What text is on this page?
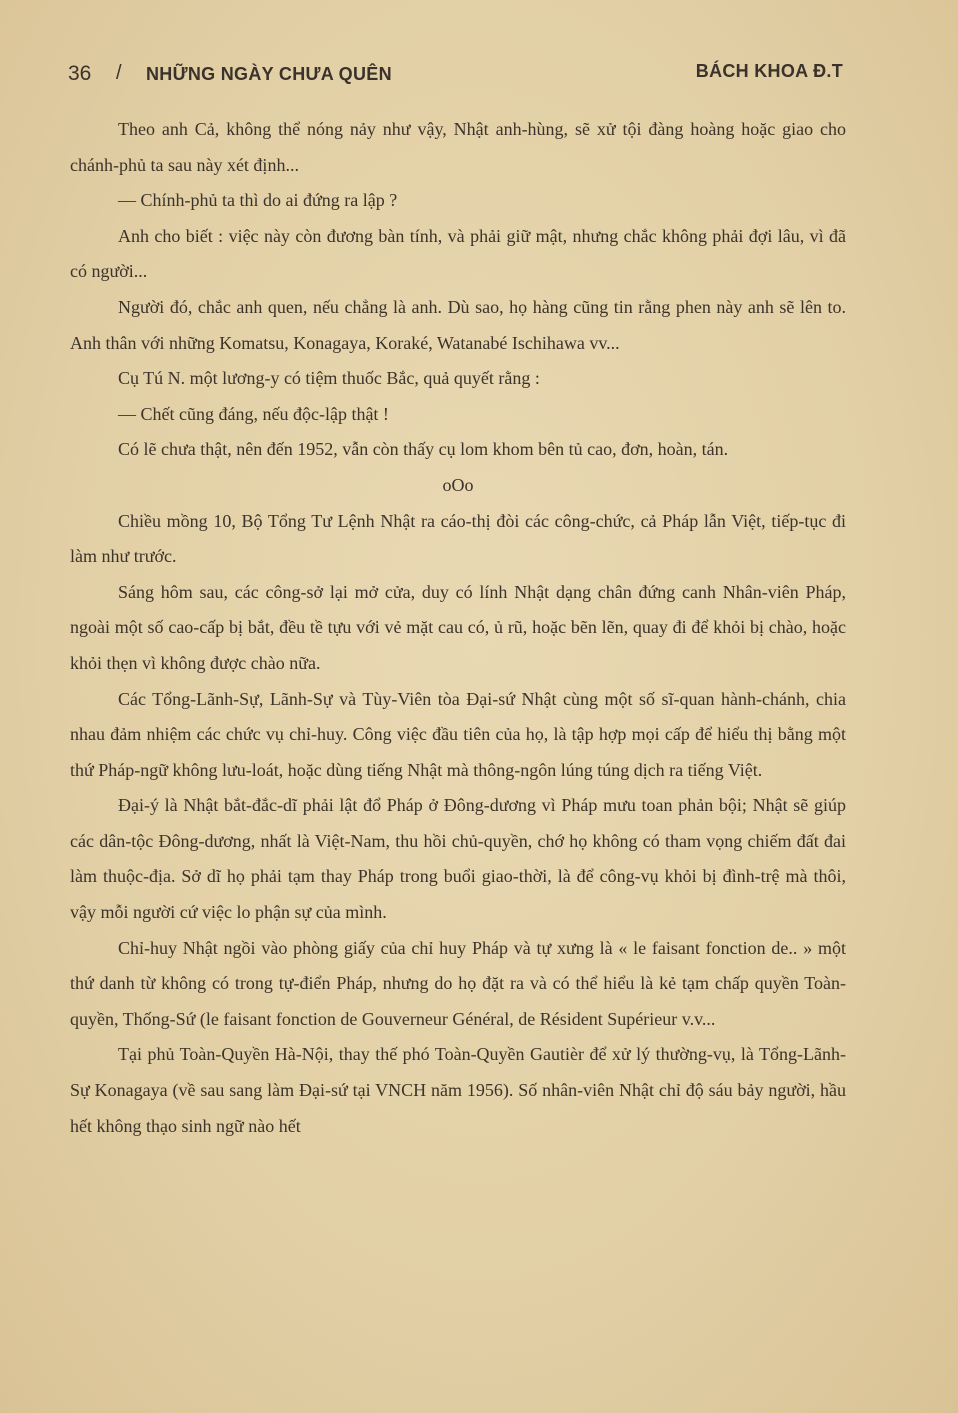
36 / NHỮNG NGÀY CHƯA QUÊN	BÁCH KHOA Đ.T

Theo anh Cả, không thể nóng nảy như vậy, Nhật anh-hùng, sẽ xử tội đàng hoàng hoặc giao cho chánh-phủ ta sau này xét định...

— Chính-phủ ta thì do ai đứng ra lập ?

Anh cho biết : việc này còn đương bàn tính, và phải giữ mật, nhưng chắc không phải đợi lâu, vì đã có người...

Người đó, chắc anh quen, nếu chẳng là anh. Dù sao, họ hàng cũng tin rằng phen này anh sẽ lên to. Anh thân với những Komatsu, Konagaya, Koraké, Watanabé Ischihawa vv...

Cụ Tú N. một lương-y có tiệm thuốc Bắc, quả quyết rằng :

— Chết cũng đáng, nếu độc-lập thật !

Có lẽ chưa thật, nên đến 1952, vẫn còn thấy cụ lom khom bên tủ cao, đơn, hoàn, tán.

oOo

Chiều mồng 10, Bộ Tổng Tư Lệnh Nhật ra cáo-thị đòi các công-chức, cả Pháp lẫn Việt, tiếp-tục đi làm như trước.

Sáng hôm sau, các công-sở lại mở cửa, duy có lính Nhật dạng chân đứng canh Nhân-viên Pháp, ngoài một số cao-cấp bị bắt, đều tề tựu với vẻ mặt cau có, ủ rũ, hoặc bẽn lẽn, quay đi để khỏi bị chào, hoặc khỏi thẹn vì không được chào nữa.

Các Tổng-Lãnh-Sự, Lãnh-Sự và Tùy-Viên tòa Đại-sứ Nhật cùng một số sĩ-quan hành-chánh, chia nhau đảm nhiệm các chức vụ chỉ-huy. Công việc đầu tiên của họ, là tập hợp mọi cấp để hiểu thị bằng một thứ Pháp-ngữ không lưu-loát, hoặc dùng tiếng Nhật mà thông-ngôn lúng túng dịch ra tiếng Việt.

Đại-ý là Nhật bắt-đắc-dĩ phải lật đổ Pháp ở Đông-dương vì Pháp mưu toan phản bội; Nhật sẽ giúp các dân-tộc Đông-dương, nhất là Việt-Nam, thu hồi chủ-quyền, chớ họ không có tham vọng chiếm đất đai làm thuộc-địa. Sở dĩ họ phải tạm thay Pháp trong buổi giao-thời, là để công-vụ khỏi bị đình-trệ mà thôi, vậy mỗi người cứ việc lo phận sự của mình.

Chỉ-huy Nhật ngồi vào phòng giấy của chỉ huy Pháp và tự xưng là « le faisant fonction de.. » một thứ danh từ không có trong tự-điển Pháp, nhưng do họ đặt ra và có thể hiểu là kẻ tạm chấp quyền Toàn-quyền, Thống-Sứ (le faisant fonction de Gouverneur Général, de Résident Supérieur v.v...

Tại phủ Toàn-Quyền Hà-Nội, thay thế phó Toàn-Quyền Gautièr để xử lý thường-vụ, là Tổng-Lãnh-Sự Konagaya (về sau sang làm Đại-sứ tại VNCH năm 1956). Số nhân-viên Nhật chỉ độ sáu bảy người, hầu hết không thạo sinh ngữ nào hết
